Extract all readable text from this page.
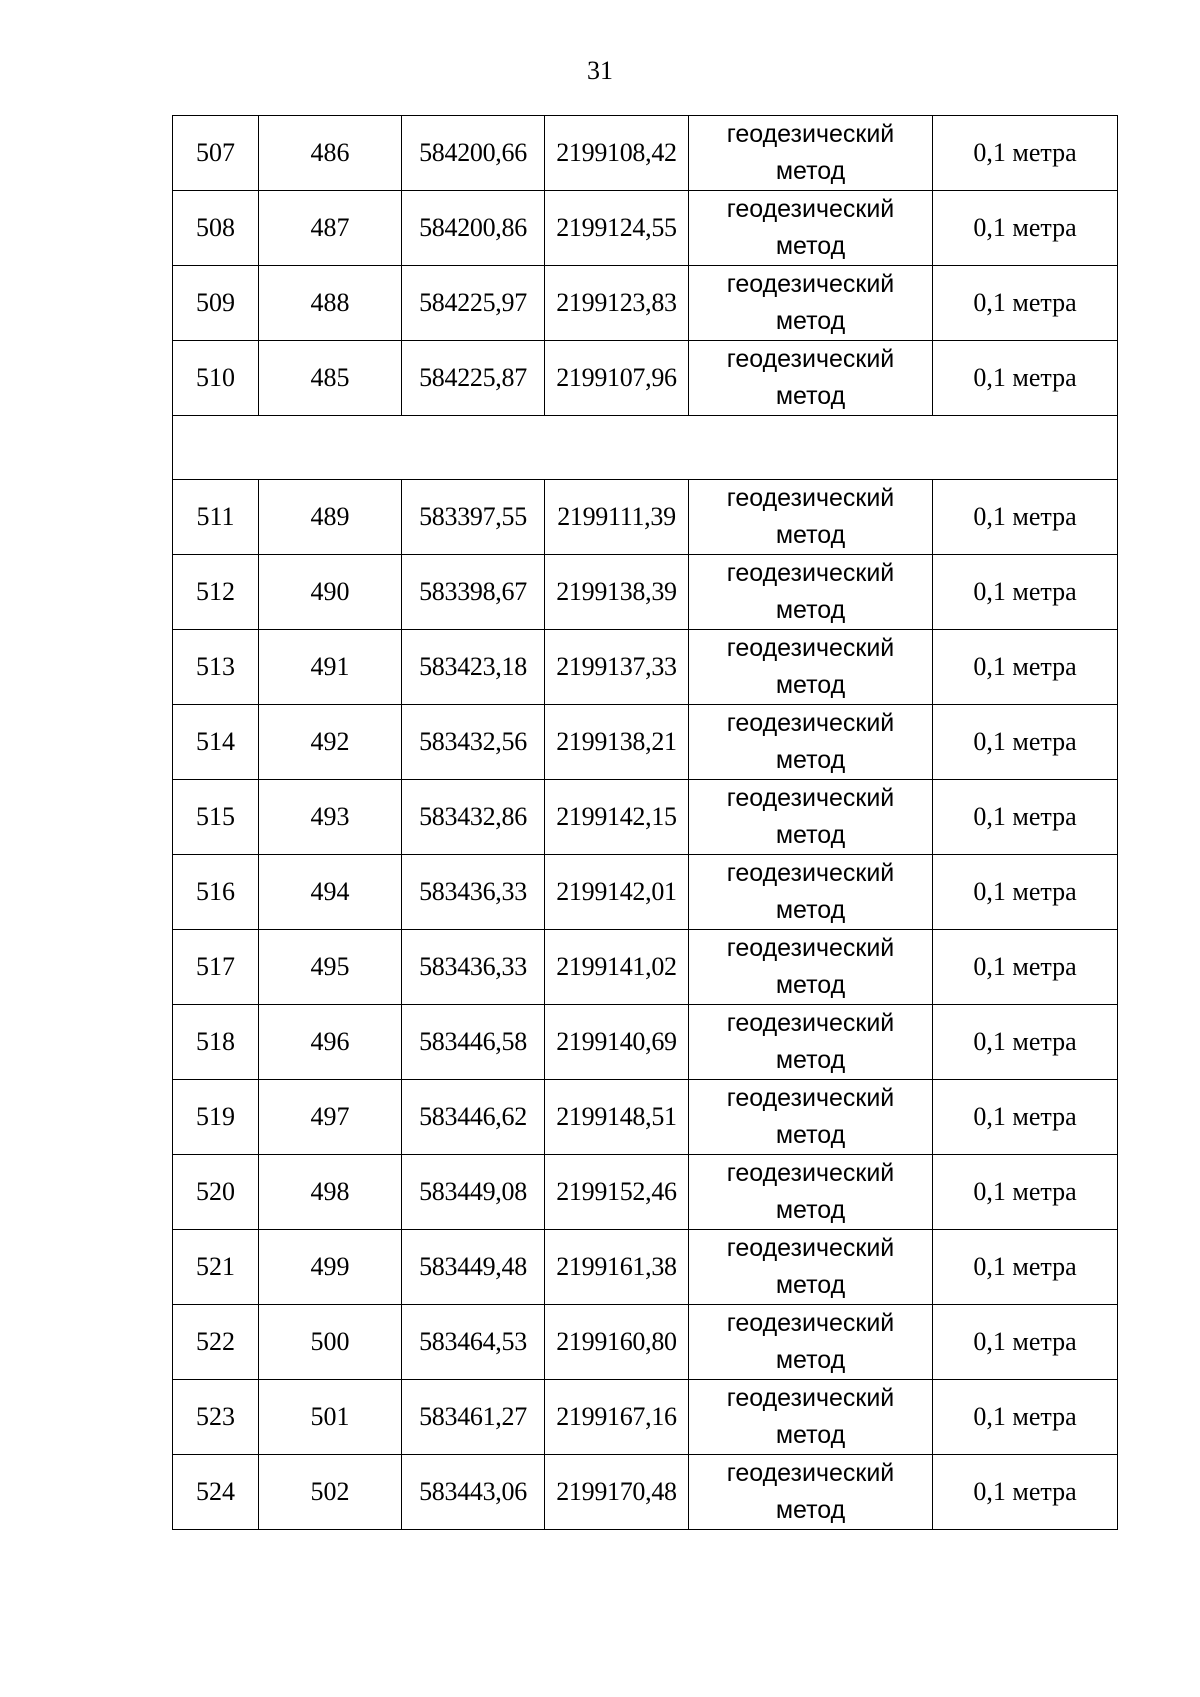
31
507	486	584200,66	2199108,42	геодезический метод	0,1 метра
508	487	584200,86	2199124,55	геодезический метод	0,1 метра
509	488	584225,97	2199123,83	геодезический метод	0,1 метра
510	485	584225,87	2199107,96	геодезический метод	0,1 метра

511	489	583397,55	2199111,39	геодезический метод	0,1 метра
512	490	583398,67	2199138,39	геодезический метод	0,1 метра
513	491	583423,18	2199137,33	геодезический метод	0,1 метра
514	492	583432,56	2199138,21	геодезический метод	0,1 метра
515	493	583432,86	2199142,15	геодезический метод	0,1 метра
516	494	583436,33	2199142,01	геодезический метод	0,1 метра
517	495	583436,33	2199141,02	геодезический метод	0,1 метра
518	496	583446,58	2199140,69	геодезический метод	0,1 метра
519	497	583446,62	2199148,51	геодезический метод	0,1 метра
520	498	583449,08	2199152,46	геодезический метод	0,1 метра
521	499	583449,48	2199161,38	геодезический метод	0,1 метра
522	500	583464,53	2199160,80	геодезический метод	0,1 метра
523	501	583461,27	2199167,16	геодезический метод	0,1 метра
524	502	583443,06	2199170,48	геодезический метод	0,1 метра
